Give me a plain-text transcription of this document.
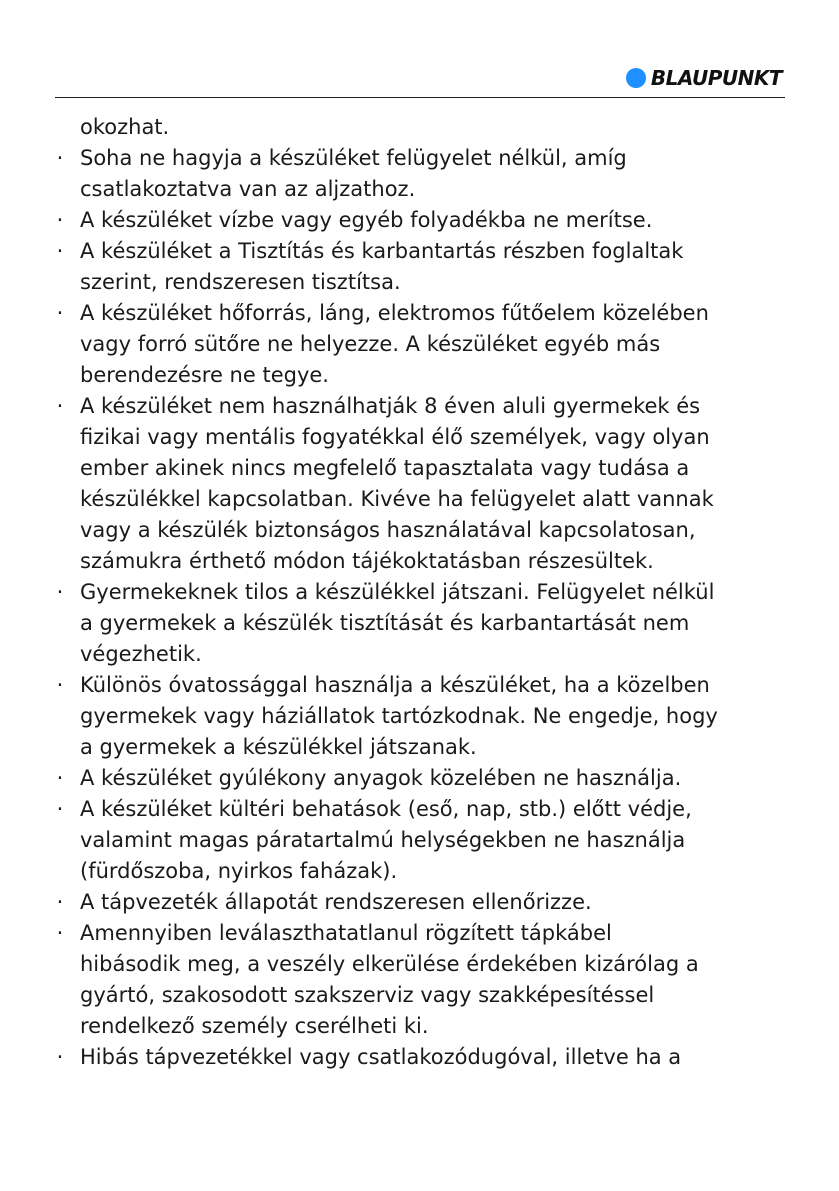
BLAUPUNKT
okozhat.
· Soha ne hagyja a készüléket felügyelet nélkül, amíg
csatlakoztatva van az aljzathoz.
· A készüléket vízbe vagy egyéb folyadékba ne merítse.
· A készüléket a Tisztítás és karbantartás részben foglaltak
szerint, rendszeresen tisztítsa.
· A készüléket hőforrás, láng, elektromos fűtőelem közelében
vagy forró sütőre ne helyezze. A készüléket egyéb más
berendezésre ne tegye.
· A készüléket nem használhatják 8 éven aluli gyermekek és
fizikai vagy mentális fogyatékkal élő személyek, vagy olyan
ember akinek nincs megfelelő tapasztalata vagy tudása a
készülékkel kapcsolatban. Kivéve ha felügyelet alatt vannak
vagy a készülék biztonságos használatával kapcsolatosan,
számukra érthető módon tájékoktatásban részesültek.
· Gyermekeknek tilos a készülékkel játszani. Felügyelet nélkül
a gyermekek a készülék tisztítását és karbantartását nem
végezhetik.
· Különös óvatossággal használja a készüléket, ha a közelben
gyermekek vagy háziállatok tartózkodnak. Ne engedje, hogy
a gyermekek a készülékkel játszanak.
· A készüléket gyúlékony anyagok közelében ne használja.
· A készüléket kültéri behatások (eső, nap, stb.) előtt védje,
valamint magas páratartalmú helységekben ne használja
(fürdőszoba, nyirkos faházak).
· A tápvezeték állapotát rendszeresen ellenőrizze.
· Amennyiben leválaszthatatlanul rögzített tápkábel
hibásodik meg, a veszély elkerülése érdekében kizárólag a
gyártó, szakosodott szakszerviz vagy szakképesítéssel
rendelkező személy cserélheti ki.
· Hibás tápvezetékkel vagy csatlakozódugóval, illetve ha a
